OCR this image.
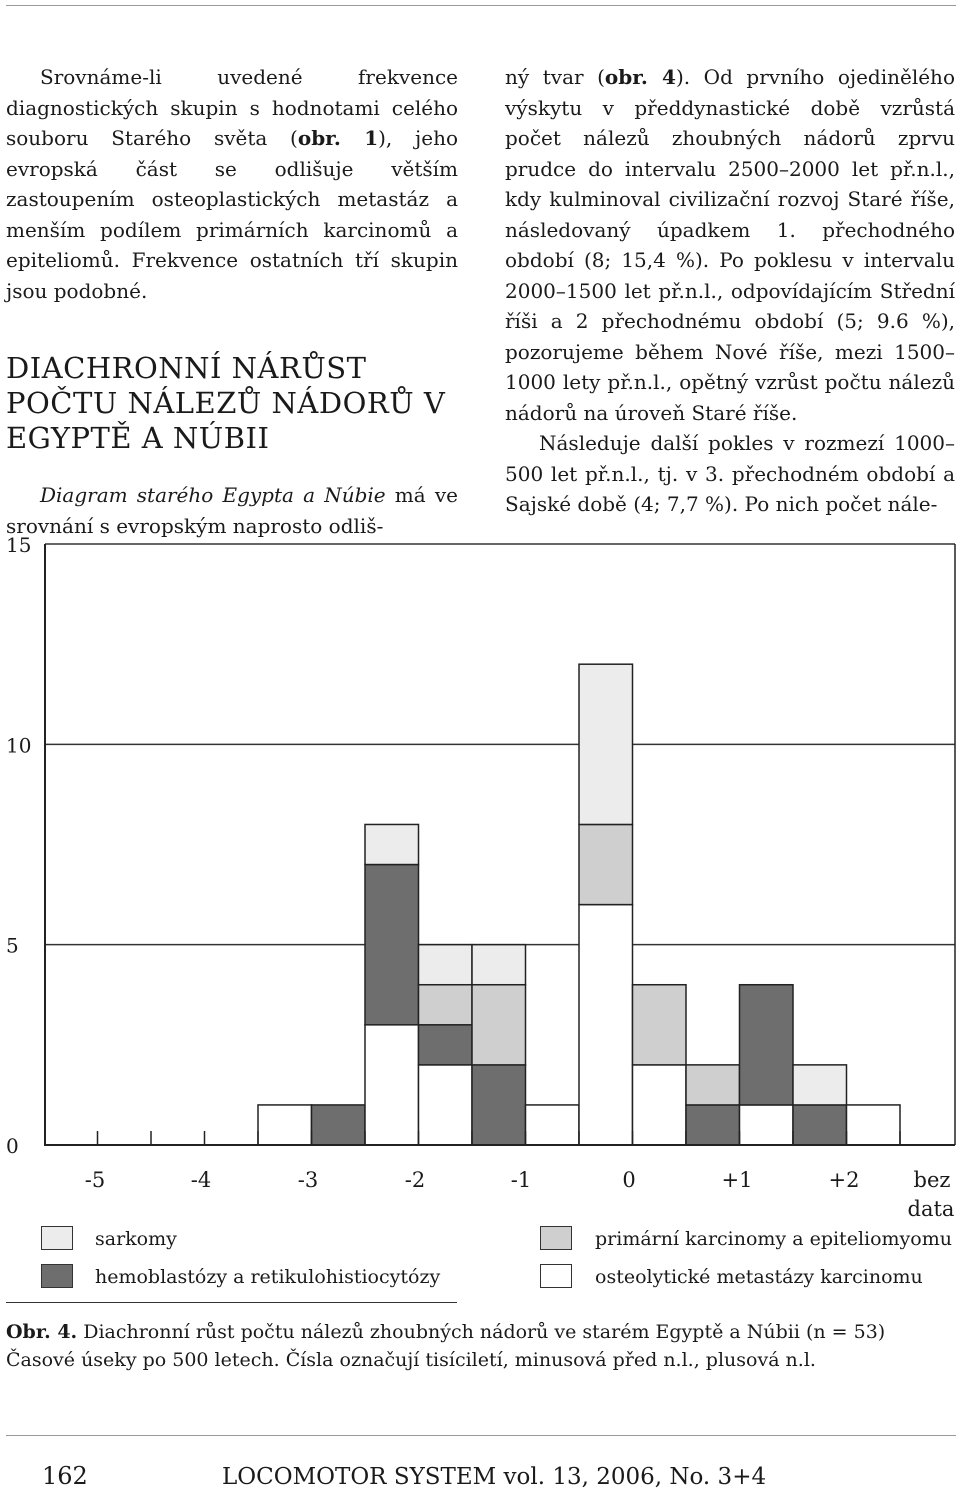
Srovnáme-li uvedené frekvence diagnostických skupin s hodnotami celého souboru Starého světa (obr. 1), jeho evropská část se odlišuje větším zastoupením osteoplastických metastáz a menším podílem primárních karcinomů a epiteliomů. Frekvence ostatních tří skupin jsou podobné.

DIACHRONNÍ NÁRŮST POČTU NÁLEZŮ NÁDORŮ V EGYPTĚ A NÚBII

Diagram starého Egypta a Núbie má ve srovnání s evropským naprosto odliš-

ný tvar (obr. 4). Od prvního ojedinělého výskytu v předdynastické době vzrůstá počet nálezů zhoubných nádorů zprvu prudce do intervalu 2500–2000 let př.n.l., kdy kulminoval civilizační rozvoj Staré říše, následovaný úpadkem 1. přechodného období (8; 15,4 %). Po poklesu v intervalu 2000–1500 let př.n.l., odpovídajícím Střední říši a 2 přechodnému období (5; 9.6 %), pozorujeme během Nové říše, mezi 1500–1000 lety př.n.l., opětný vzrůst počtu nálezů nádorů na úroveň Staré říše.

Následuje další pokles v rozmezí 1000–500 let př.n.l., tj. v 3. přechodném období a Sajské době (4; 7,7 %). Po nich počet nále-

15
10
5
0
-5	-4	-3	-2	-1	0	+1	+2	bez
data
sarkomy
hemoblastózy a retikulohistiocytózy
primární karcinomy a epiteliomyomu
osteolytické metastázy karcinomu

Obr. 4. Diachronní růst počtu nálezů zhoubných nádorů ve starém Egyptě a Núbii (n = 53)

Časové úseky po 500 letech. Čísla označují tisíciletí, minusová před n.l., plusová n.l.

162	LOCOMOTOR SYSTEM vol. 13, 2006, No. 3+4
